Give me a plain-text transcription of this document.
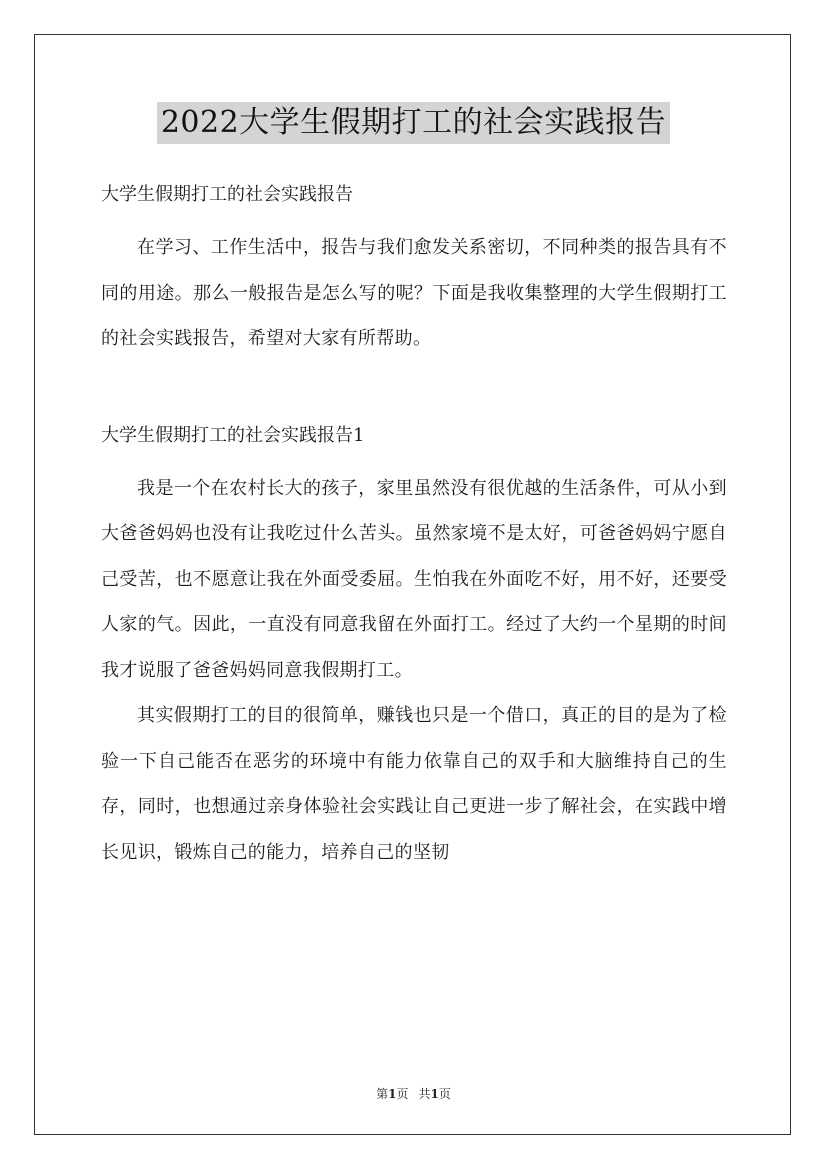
2022大学生假期打工的社会实践报告

大学生假期打工的社会实践报告

在学习、工作生活中，报告与我们愈发关系密切，不同种类的报告具有不同的用途。那么一般报告是怎么写的呢？下面是我收集整理的大学生假期打工的社会实践报告，希望对大家有所帮助。

大学生假期打工的社会实践报告1

我是一个在农村长大的孩子，家里虽然没有很优越的生活条件，可从小到大爸爸妈妈也没有让我吃过什么苦头。虽然家境不是太好，可爸爸妈妈宁愿自己受苦，也不愿意让我在外面受委屈。生怕我在外面吃不好，用不好，还要受人家的气。因此，一直没有同意我留在外面打工。经过了大约一个星期的时间我才说服了爸爸妈妈同意我假期打工。

其实假期打工的目的很简单，赚钱也只是一个借口，真正的目的是为了检验一下自己能否在恶劣的环境中有能力依靠自己的双手和大脑维持自己的生存，同时，也想通过亲身体验社会实践让自己更进一步了解社会，在实践中增长见识，锻炼自己的能力，培养自己的坚韧

第1页 共1页
